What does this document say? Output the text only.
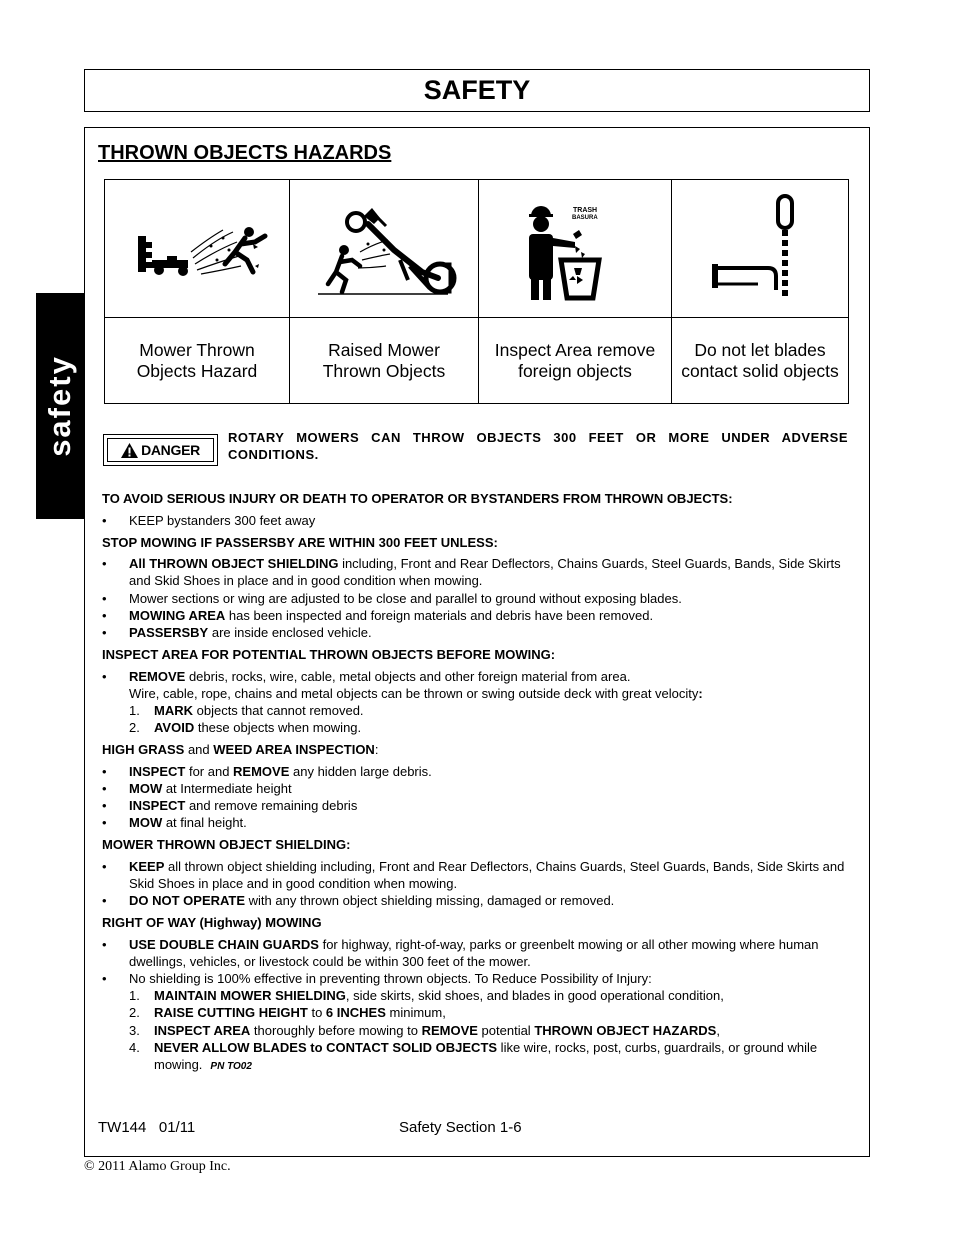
SAFETY
safety
THROWN OBJECTS HAZARDS
Mower Thrown Objects Hazard
Raised Mower Thrown Objects
TRASH
BASURA
Inspect Area remove foreign objects
Do not let blades contact solid objects
DANGER
ROTARY MOWERS CAN THROW OBJECTS 300 FEET OR MORE UNDER ADVERSE CONDITIONS.
TO AVOID SERIOUS INJURY OR DEATH TO OPERATOR OR BYSTANDERS FROM THROWN OBJECTS:
• KEEP bystanders 300 feet away
STOP MOWING IF PASSERSBY ARE WITHIN 300 FEET UNLESS:
• All THROWN OBJECT SHIELDING including, Front and Rear Deflectors, Chains Guards, Steel Guards, Bands, Side Skirts and Skid Shoes in place and in good condition when mowing.
• Mower sections or wing are adjusted to be close and parallel to ground without exposing blades.
• MOWING AREA has been inspected and foreign materials and debris have been removed.
• PASSERSBY are inside enclosed vehicle.
INSPECT AREA FOR POTENTIAL THROWN OBJECTS BEFORE MOWING:
• REMOVE debris, rocks, wire, cable, metal objects and other foreign material from area.
Wire, cable, rope, chains and metal objects can be thrown or swing outside deck with great velocity:
1. MARK objects that cannot removed.
2. AVOID these objects when mowing.
HIGH GRASS and WEED AREA INSPECTION:
• INSPECT for and REMOVE any hidden large debris.
• MOW at Intermediate height
• INSPECT and remove remaining debris
• MOW at final height.
MOWER THROWN OBJECT SHIELDING:
• KEEP all thrown object shielding including, Front and Rear Deflectors, Chains Guards, Steel Guards, Bands, Side Skirts and Skid Shoes in place and in good condition when mowing.
• DO NOT OPERATE with any thrown object shielding missing, damaged or removed.
RIGHT OF WAY (Highway) MOWING
• USE DOUBLE CHAIN GUARDS for highway, right-of-way, parks or greenbelt mowing or all other mowing where human dwellings, vehicles, or livestock could be within 300 feet of the mower.
• No shielding is 100% effective in preventing thrown objects. To Reduce Possibility of Injury:
1. MAINTAIN MOWER SHIELDING, side skirts, skid shoes, and blades in good operational condition,
2. RAISE CUTTING HEIGHT to 6 INCHES minimum,
3. INSPECT AREA thoroughly before mowing to REMOVE potential THROWN OBJECT HAZARDS,
4. NEVER ALLOW BLADES to CONTACT SOLID OBJECTS like wire, rocks, post, curbs, guardrails, or ground while mowing. PN TO02
TW144   01/11	Safety Section 1-6
© 2011 Alamo Group Inc.
